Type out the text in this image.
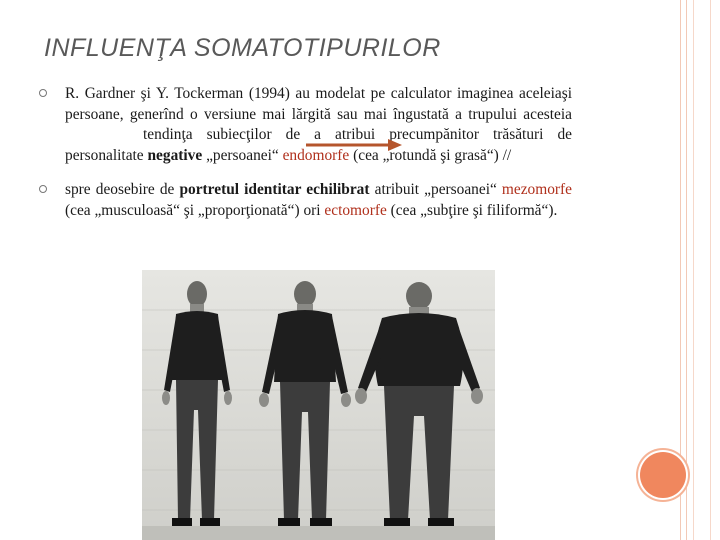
INFLUENŢA SOMATOTIPURILOR
R. Gardner şi Y. Tockerman (1994) au modelat pe calculator imaginea aceleiaşi persoane, generînd o versiune mai lărgită sau mai îngustată a trupului acesteia  tendinţa subiecţilor de a atribui precumpănitor trăsături de personalitate negative „persoanei“ endomorfe (cea „rotundă şi grasă“) //
spre deosebire de portretul identitar echilibrat atribuit „persoanei“ mezomorfe (cea „musculoasă“ şi „proporţionată“) ori ectomorfe (cea „subţire şi filiformă“).
